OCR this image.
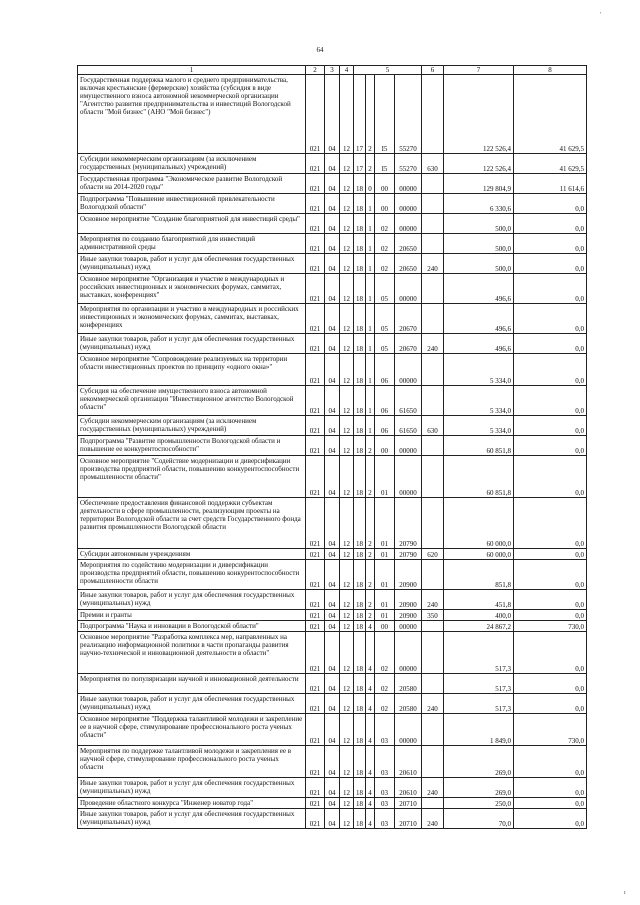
64
1	2	3	4	5				6	7	8
Государственная поддержка малого и среднего предпринимательства, включая крестьянские (фермерские) хозяйства (субсидия в виде имущественного взноса автономной некоммерческой организации "Агентство развития предпринимательства и инвестиций Вологодской области "Мой бизнес" (АНО "Мой бизнес")	021	04	12	17	2	I5	55270		122 526,4	41 629,5
Субсидии некоммерческим организациям (за исключением государственных (муниципальных) учреждений)	021	04	12	17	2	I5	55270	630	122 526,4	41 629,5
Государственная программа "Экономическое развитие Вологодской области на 2014-2020 годы"	021	04	12	18	0	00	00000		129 804,9	11 614,6
Подпрограмма "Повышение инвестиционной привлекательности Вологодской области"	021	04	12	18	1	00	00000		6 330,6	0,0
Основное мероприятие "Создание благоприятной для инвестиций среды"	021	04	12	18	1	02	00000		500,0	0,0
Мероприятия по созданию благоприятной для инвестиций административной среды	021	04	12	18	1	02	20650		500,0	0,0
Иные закупки товаров, работ и услуг для обеспечения государственных (муниципальных) нужд	021	04	12	18	1	02	20650	240	500,0	0,0
Основное мероприятие "Организация и участие в международных и российских инвестиционных и экономических форумах, саммитах, выставках, конференциях"	021	04	12	18	1	05	00000		496,6	0,0
Мероприятия по организации и участию в международных и российских инвестиционных и экономических форумах, саммитах, выставках, конференциях	021	04	12	18	1	05	20670		496,6	0,0
Иные закупки товаров, работ и услуг для обеспечения государственных (муниципальных) нужд	021	04	12	18	1	05	20670	240	496,6	0,0
Основное мероприятие "Сопровождение реализуемых на территории области инвестиционных проектов по принципу «одного окна»"	021	04	12	18	1	06	00000		5 334,0	0,0
Субсидия на обеспечение имущественного взноса автономной некоммерческой организации "Инвестиционное агентство Вологодской области"	021	04	12	18	1	06	61650		5 334,0	0,0
Субсидии некоммерческим организациям (за исключением государственных (муниципальных) учреждений)	021	04	12	18	1	06	61650	630	5 334,0	0,0
Подпрограмма "Развитие промышленности Вологодской области и повышение ее конкурентоспособности"	021	04	12	18	2	00	00000		60 851,8	0,0
Основное мероприятие "Содействие модернизации и диверсификации производства предприятий области, повышению конкурентоспособности промышленности области"	021	04	12	18	2	01	00000		60 851,8	0,0
Обеспечение предоставления финансовой поддержки субъектам деятельности в сфере промышленности, реализующим проекты на территории Вологодской области за счет средств Государственного фонда развития промышленности Вологодской области	021	04	12	18	2	01	20790		60 000,0	0,0
Субсидии автономным учреждениям	021	04	12	18	2	01	20790	620	60 000,0	0,0
Мероприятия по содействию модернизации и диверсификации производства предприятий области, повышению конкурентоспособности промышленности области	021	04	12	18	2	01	20900		851,8	0,0
Иные закупки товаров, работ и услуг для обеспечения государственных (муниципальных) нужд	021	04	12	18	2	01	20900	240	451,8	0,0
Премии и гранты	021	04	12	18	2	01	20900	350	400,0	0,0
Подпрограмма "Наука и инновации в Вологодской области"	021	04	12	18	4	00	00000		24 867,2	730,0
Основное мероприятие "Разработка комплекса мер, направленных на реализацию информационной политики в части пропаганды развития научно-технической и инновационной деятельности в области"	021	04	12	18	4	02	00000		517,3	0,0
Мероприятия по популяризации научной и инновационной деятельности	021	04	12	18	4	02	20580		517,3	0,0
Иные закупки товаров, работ и услуг для обеспечения государственных (муниципальных) нужд	021	04	12	18	4	02	20580	240	517,3	0,0
Основное мероприятие "Поддержка талантливой молодежи и закрепление ее в научной сфере, стимулирование профессионального роста ученых области"	021	04	12	18	4	03	00000		1 849,0	730,0
Мероприятия по поддержке талантливой молодежи и закрепления ее в научной сфере, стимулирование профессионального роста ученых области	021	04	12	18	4	03	20610		269,0	0,0
Иные закупки товаров, работ и услуг для обеспечения государственных (муниципальных) нужд	021	04	12	18	4	03	20610	240	269,0	0,0
Проведение областного конкурса "Инженер новатор года"	021	04	12	18	4	03	20710		250,0	0,0
Иные закупки товаров, работ и услуг для обеспечения государственных (муниципальных) нужд	021	04	12	18	4	03	20710	240	70,0	0,0
'
ı
